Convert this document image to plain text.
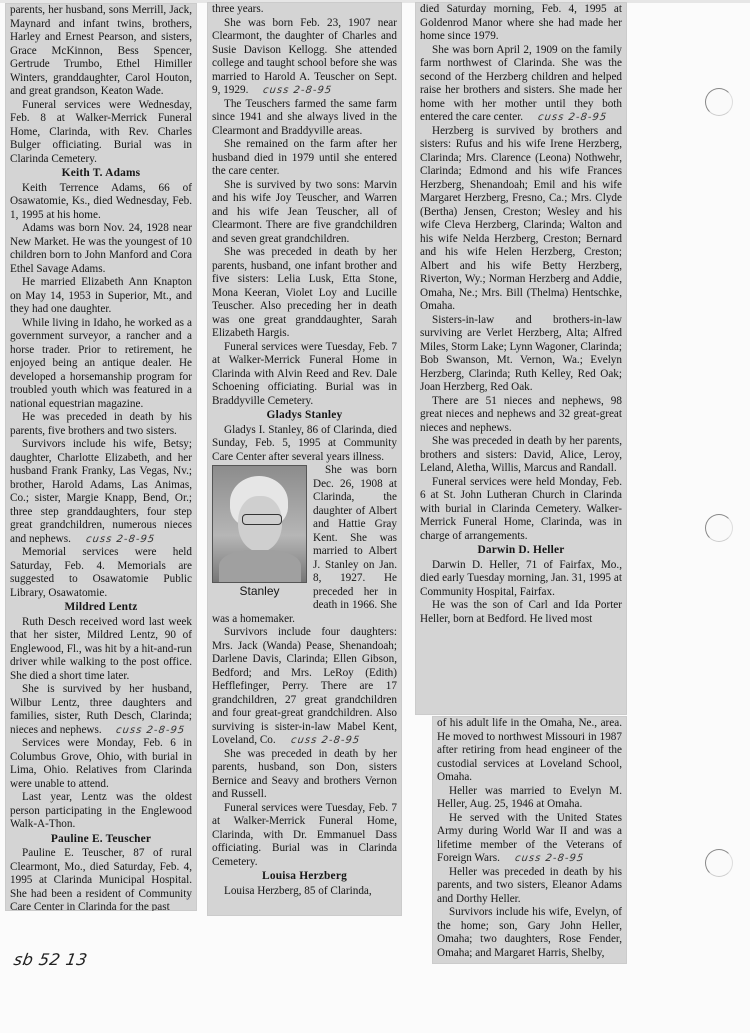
parents, her husband, sons Merrill, Jack, Maynard and infant twins, brothers, Harley and Ernest Pearson, and sisters, Grace McKinnon, Bess Spencer, Gertrude Trumbo, Ethel Himiller Winters, granddaughter, Carol Houton, and great grandson, Keaton Wade.

Funeral services were Wednesday, Feb. 8 at Walker-Merrick Funeral Home, Clarinda, with Rev. Charles Bulger officiating. Burial was in Clarinda Cemetery.

Keith T. Adams

Keith Terrence Adams, 66 of Osawatomie, Ks., died Wednesday, Feb. 1, 1995 at his home.

Adams was born Nov. 24, 1928 near New Market. He was the youngest of 10 children born to John Manford and Cora Ethel Savage Adams.

He married Elizabeth Ann Knapton on May 14, 1953 in Superior, Mt., and they had one daughter.

While living in Idaho, he worked as a government surveyor, a rancher and a horse trader. Prior to retirement, he enjoyed being an antique dealer. He developed a horsemanship program for troubled youth which was featured in a national equestrian magazine.

He was preceded in death by his parents, five brothers and two sisters.

Survivors include his wife, Betsy; daughter, Charlotte Elizabeth, and her husband Frank Franky, Las Vegas, Nv.; brother, Harold Adams, Las Animas, Co.; sister, Margie Knapp, Bend, Or.; three step granddaughters, four step great grandchildren, numerous nieces and nephews. cuss 2-8-95

Memorial services were held Saturday, Feb. 4. Memorials are suggested to Osawatomie Public Library, Osawatomie.

Mildred Lentz

Ruth Desch received word last week that her sister, Mildred Lentz, 90 of Englewood, Fl., was hit by a hit-and-run driver while walking to the post office. She died a short time later.

She is survived by her husband, Wilbur Lentz, three daughters and families, sister, Ruth Desch, Clarinda; nieces and nephews. cuss 2-8-95

Services were Monday, Feb. 6 in Columbus Grove, Ohio, with burial in Lima, Ohio. Relatives from Clarinda were unable to attend.

Last year, Lentz was the oldest person participating in the Englewood Walk-A-Thon.

Pauline E. Teuscher

Pauline E. Teuscher, 87 of rural Clearmont, Mo., died Saturday, Feb. 4, 1995 at Clarinda Municipal Hospital. She had been a resident of Community Care Center in Clarinda for the past

three years.

She was born Feb. 23, 1907 near Clearmont, the daughter of Charles and Susie Davison Kellogg. She attended college and taught school before she was married to Harold A. Teuscher on Sept. 9, 1929. cuss 2-8-95

The Teuschers farmed the same farm since 1941 and she always lived in the Clearmont and Braddyville areas.

She remained on the farm after her husband died in 1979 until she entered the care center.

She is survived by two sons: Marvin and his wife Joy Teuscher, and Warren and his wife Jean Teuscher, all of Clearmont. There are five grandchildren and seven great grandchildren.

She was preceded in death by her parents, husband, one infant brother and five sisters: Lelia Lusk, Etta Stone, Mona Keeran, Violet Loy and Lucille Teuscher. Also preceding her in death was one great granddaughter, Sarah Elizabeth Hargis.

Funeral services were Tuesday, Feb. 7 at Walker-Merrick Funeral Home in Clarinda with Alvin Reed and Rev. Dale Schoening officiating. Burial was in Braddyville Cemetery.

Gladys Stanley

Gladys I. Stanley, 86 of Clarinda, died Sunday, Feb. 5, 1995 at Community Care Center after several years illness.

Stanley

She was born Dec. 26, 1908 at Clarinda, the daughter of Albert and Hattie Gray Kent. She was married to Albert J. Stanley on Jan. 8, 1927. He preceded her in death in 1966. She was a homemaker.

Survivors include four daughters: Mrs. Jack (Wanda) Pease, Shenandoah; Darlene Davis, Clarinda; Ellen Gibson, Bedford; and Mrs. LeRoy (Edith) Hefflefinger, Perry. There are 17 grandchildren, 27 great grandchildren and four great-great grandchildren. Also surviving is sister-in-law Mabel Kent, Loveland, Co. cuss 2-8-95

She was preceded in death by her parents, husband, son Don, sisters Bernice and Seavy and brothers Vernon and Russell.

Funeral services were Tuesday, Feb. 7 at Walker-Merrick Funeral Home, Clarinda, with Dr. Emmanuel Dass officiating. Burial was in Clarinda Cemetery.

Louisa Herzberg

Louisa Herzberg, 85 of Clarinda,

died Saturday morning, Feb. 4, 1995 at Goldenrod Manor where she had made her home since 1979.

She was born April 2, 1909 on the family farm northwest of Clarinda. She was the second of the Herzberg children and helped raise her brothers and sisters. She made her home with her mother until they both entered the care center. cuss 2-8-95

Herzberg is survived by brothers and sisters: Rufus and his wife Irene Herzberg, Clarinda; Mrs. Clarence (Leona) Nothwehr, Clarinda; Edmond and his wife Frances Herzberg, Shenandoah; Emil and his wife Margaret Herzberg, Fresno, Ca.; Mrs. Clyde (Bertha) Jensen, Creston; Wesley and his wife Cleva Herzberg, Clarinda; Walton and his wife Nelda Herzberg, Creston; Bernard and his wife Helen Herzberg, Creston; Albert and his wife Betty Herzberg, Riverton, Wy.; Norman Herzberg and Addie, Omaha, Ne.; Mrs. Bill (Thelma) Hentschke, Omaha.

Sisters-in-law and brothers-in-law surviving are Verlet Herzberg, Alta; Alfred Miles, Storm Lake; Lynn Wagoner, Clarinda; Bob Swanson, Mt. Vernon, Wa.; Evelyn Herzberg, Clarinda; Ruth Kelley, Red Oak; Joan Herzberg, Red Oak.

There are 51 nieces and nephews, 98 great nieces and nephews and 32 great-great nieces and nephews.

She was preceded in death by her parents, brothers and sisters: David, Alice, Leroy, Leland, Aletha, Willis, Marcus and Randall.

Funeral services were held Monday, Feb. 6 at St. John Lutheran Church in Clarinda with burial in Clarinda Cemetery. Walker-Merrick Funeral Home, Clarinda, was in charge of arrangements.

Darwin D. Heller

Darwin D. Heller, 71 of Fairfax, Mo., died early Tuesday morning, Jan. 31, 1995 at Community Hospital, Fairfax.

He was the son of Carl and Ida Porter Heller, born at Bedford. He lived most

of his adult life in the Omaha, Ne., area. He moved to northwest Missouri in 1987 after retiring from head engineer of the custodial services at Loveland School, Omaha.

Heller was married to Evelyn M. Heller, Aug. 25, 1946 at Omaha.

He served with the United States Army during World War II and was a lifetime member of the Veterans of Foreign Wars. cuss 2-8-95

Heller was preceded in death by his parents, and two sisters, Eleanor Adams and Dorthy Heller.

Survivors include his wife, Evelyn, of the home; son, Gary John Heller, Omaha; two daughters, Rose Fender, Omaha; and Margaret Harris, Shelby,

sb 52 13
